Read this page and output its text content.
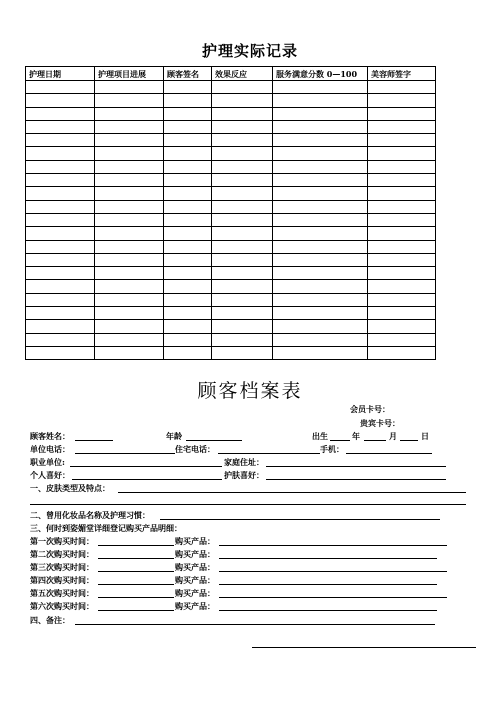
护理实际记录
护理日期	护理项目进展	顾客签名	效果反应	服务满意分数 0—100	美容师签字

顾客档案表
会员卡号：
贵宾卡号：
顾客姓名：	年龄	出生	年	月	日
单位电话：	住宅电话：	手机：
职业单位:	家庭住址：
个人喜好：	护肤喜好：
一、皮肤类型及特点：
二、曾用化妆品名称及护理习惯：
三、何时到姿媚堂详细登记购买产品明细：
第一次购买时间：	购买产品：
第二次购买时间：	购买产品：
第三次购买时间：	购买产品：
第四次购买时间：	购买产品：
第五次购买时间：	购买产品：
第六次购买时间：	购买产品：
四、备注：
